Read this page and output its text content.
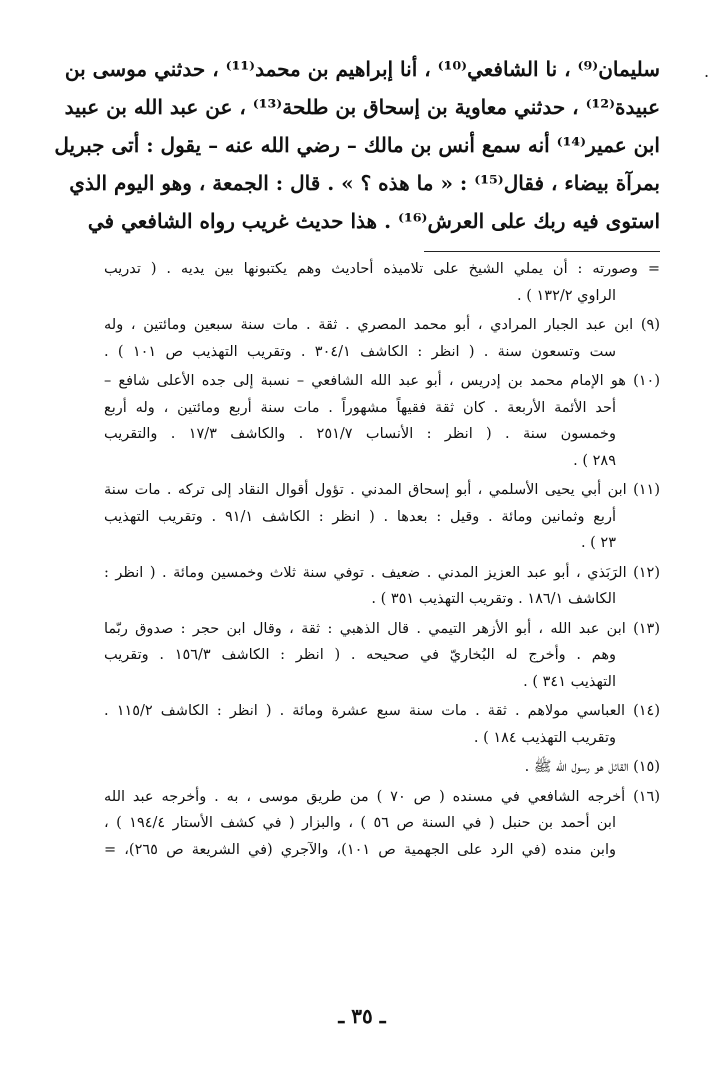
.
سليمان⁽⁹⁾ ، نا الشافعي⁽¹⁰⁾ ، أنا إبراهيم بن محمد⁽¹¹⁾ ، حدثني موسى بن
عبيدة⁽¹²⁾ ، حدثني معاوية بن إسحاق بن طلحة⁽¹³⁾ ، عن عبد الله بن عبيد
ابن عمير⁽¹⁴⁾ أنه سمع أنس بن مالك – رضي الله عنه – يقول : أتى جبريل
بمرآة بيضاء ، فقال⁽¹⁵⁾ : « ما هذه ؟ » . قال : الجمعة ، وهو اليوم الذي
استوى فيه ربك على العرش⁽¹⁶⁾ . هذا حديث غريب رواه الشافعي في
= وصورته : أن يملي الشيخ على تلاميذه أحاديث وهم يكتبونها بين يديه . ( تدريب
الراوي ١٣٢/٢ ) .
(٩) ابن عبد الجبار المرادي ، أبو محمد المصري . ثقة . مات سنة سبعين ومائتين ، وله
ست وتسعون سنة . ( انظر : الكاشف ٣٠٤/١ . وتقريب التهذيب ص ١٠١ ) .
(١٠) هو الإمام محمد بن إدريس ، أبو عبد الله الشافعي – نسبة إلى جده الأعلى شافع –
أحد الأئمة الأربعة . كان ثقة فقيهاً مشهوراً . مات سنة أربع ومائتين ، وله أربع
وخمسون سنة . ( انظر : الأنساب ٢٥١/٧ . والكاشف ١٧/٣ . والتقريب
٢٨٩ ) .
(١١) ابن أبي يحيى الأسلمي ، أبو إسحاق المدني . تؤول أقوال النقاد إلى تركه . مات سنة
أربع وثمانين ومائة . وقيل : بعدها . ( انظر : الكاشف ٩١/١ . وتقريب التهذيب
٢٣ ) .
(١٢) الرَبَذي ، أبو عبد العزيز المدني . ضعيف . توفي سنة ثلاث وخمسين ومائة . ( انظر :
الكاشف ١٨٦/١ . وتقريب التهذيب ٣٥١ ) .
(١٣) ابن عبد الله ، أبو الأزهر التيمي . قال الذهبي : ثقة ، وقال ابن حجر : صدوق ربّما
وهم . وأخرج له البُخاريّ في صحيحه . ( انظر : الكاشف ١٥٦/٣ . وتقريب
التهذيب ٣٤١ ) .
(١٤) العباسي مولاهم . ثقة . مات سنة سبع عشرة ومائة . ( انظر : الكاشف ١١٥/٢ .
وتقريب التهذيب ١٨٤ ) .
(١٥) القائل هو رسول الله ﷺ .
(١٦) أخرجه الشافعي في مسنده ( ص ٧٠ ) من طريق موسى ، به . وأخرجه عبد الله
ابن أحمد بن حنبل ( في السنة ص ٥٦ ) ، والبزار ( في كشف الأستار ١٩٤/٤ ) ،
وابن منده (في الرد على الجهمية ص ١٠١)، والآجري (في الشريعة ص ٢٦٥)، =
ـ ٣٥ ـ
